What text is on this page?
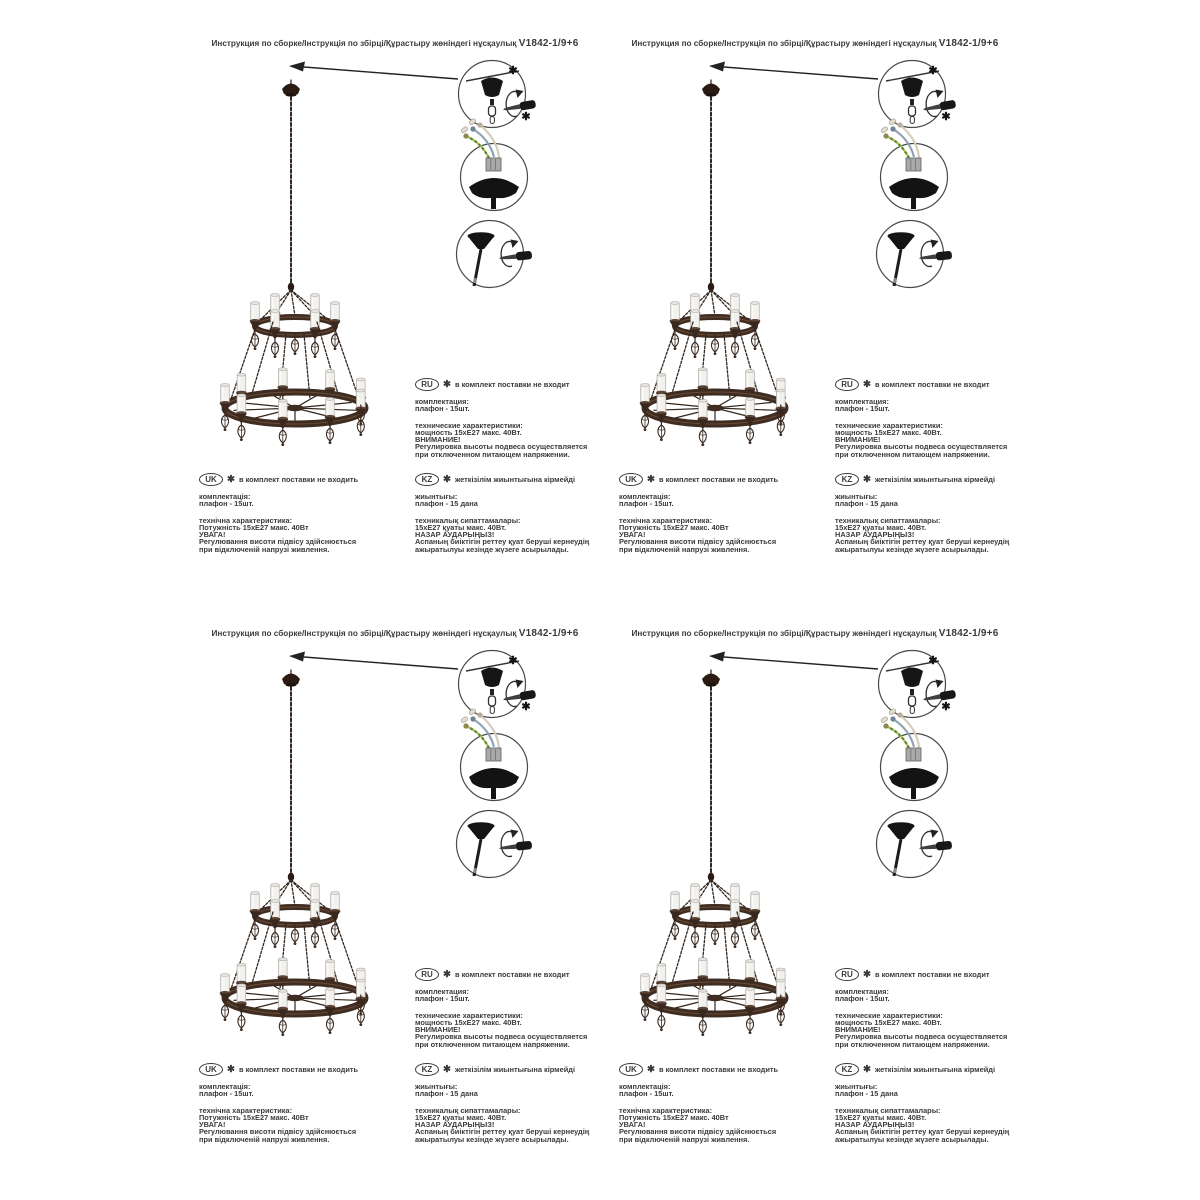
Инструкция по сборке/Інструкція по збірці/Құрастыру жөніндегі нұсқаулық V1842-1/9+6
✱
✱
RU	✱ в комплект поставки не входит
комплектация:
плафон - 15шт.
технические характеристики:
мощность 15хЕ27 макс. 40Вт.
ВНИМАНИЕ!
Регулировка высоты подвеса осуществляется
при отключенном питающем напряжении.
UK	✱ в комплект поставки не входить
комплектація:
плафон - 15шт.
технічна характеристика:
Потужність 15хЕ27 макс. 40Вт
УВАГА!
Регулювання висоти підвісу здійснюється
при відключеній напрузі живлення.
KZ	✱ жеткізілім жиынтығына кірмейді
жиынтығы:
плафон - 15 дана
техникалық сипаттамалары:
15хЕ27 қуаты макс. 40Вт.
НАЗАР АУДАРЫҢЫЗ!
Аспаның биіктігін реттеу қуат беруші кернеудің
ажыратылуы кезінде жүзеге асырылады.
Инструкция по сборке/Інструкція по збірці/Құрастыру жөніндегі нұсқаулық V1842-1/9+6
✱
✱
RU	✱ в комплект поставки не входит
комплектация:
плафон - 15шт.
технические характеристики:
мощность 15хЕ27 макс. 40Вт.
ВНИМАНИЕ!
Регулировка высоты подвеса осуществляется
при отключенном питающем напряжении.
UK	✱ в комплект поставки не входить
комплектація:
плафон - 15шт.
технічна характеристика:
Потужність 15хЕ27 макс. 40Вт
УВАГА!
Регулювання висоти підвісу здійснюється
при відключеній напрузі живлення.
KZ	✱ жеткізілім жиынтығына кірмейді
жиынтығы:
плафон - 15 дана
техникалық сипаттамалары:
15хЕ27 қуаты макс. 40Вт.
НАЗАР АУДАРЫҢЫЗ!
Аспаның биіктігін реттеу қуат беруші кернеудің
ажыратылуы кезінде жүзеге асырылады.
Инструкция по сборке/Інструкція по збірці/Құрастыру жөніндегі нұсқаулық V1842-1/9+6
✱
✱
RU	✱ в комплект поставки не входит
комплектация:
плафон - 15шт.
технические характеристики:
мощность 15хЕ27 макс. 40Вт.
ВНИМАНИЕ!
Регулировка высоты подвеса осуществляется
при отключенном питающем напряжении.
UK	✱ в комплект поставки не входить
комплектація:
плафон - 15шт.
технічна характеристика:
Потужність 15хЕ27 макс. 40Вт
УВАГА!
Регулювання висоти підвісу здійснюється
при відключеній напрузі живлення.
KZ	✱ жеткізілім жиынтығына кірмейді
жиынтығы:
плафон - 15 дана
техникалық сипаттамалары:
15хЕ27 қуаты макс. 40Вт.
НАЗАР АУДАРЫҢЫЗ!
Аспаның биіктігін реттеу қуат беруші кернеудің
ажыратылуы кезінде жүзеге асырылады.
Инструкция по сборке/Інструкція по збірці/Құрастыру жөніндегі нұсқаулық V1842-1/9+6
✱
✱
RU	✱ в комплект поставки не входит
комплектация:
плафон - 15шт.
технические характеристики:
мощность 15хЕ27 макс. 40Вт.
ВНИМАНИЕ!
Регулировка высоты подвеса осуществляется
при отключенном питающем напряжении.
UK	✱ в комплект поставки не входить
комплектація:
плафон - 15шт.
технічна характеристика:
Потужність 15хЕ27 макс. 40Вт
УВАГА!
Регулювання висоти підвісу здійснюється
при відключеній напрузі живлення.
KZ	✱ жеткізілім жиынтығына кірмейді
жиынтығы:
плафон - 15 дана
техникалық сипаттамалары:
15хЕ27 қуаты макс. 40Вт.
НАЗАР АУДАРЫҢЫЗ!
Аспаның биіктігін реттеу қуат беруші кернеудің
ажыратылуы кезінде жүзеге асырылады.
